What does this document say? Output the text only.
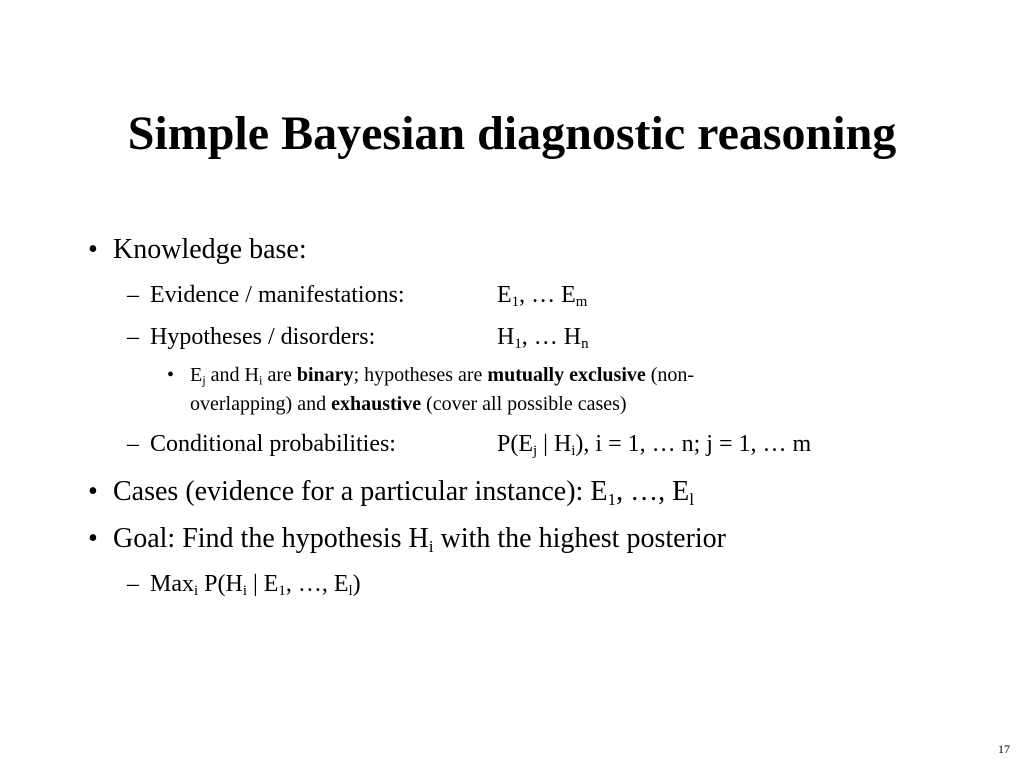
Simple Bayesian diagnostic reasoning
• Knowledge base:
– Evidence / manifestations:	$E_1$, … $E_m$
– Hypotheses / disorders:	$H_1$, … $H_n$
• $E_j$ and $H_i$ are binary; hypotheses are mutually exclusive (non-
overlapping) and exhaustive (cover all possible cases)
– Conditional probabilities:	$P(E_j$ | $H_i$), i = 1, … n; j = 1, … m
• Cases (evidence for a particular instance): $E_1$, …, $E_l$
• Goal: Find the hypothesis $H_i$ with the highest posterior
– Max$_i$ $P(H_i$ | $E_1$, …, $E_l$)
17
